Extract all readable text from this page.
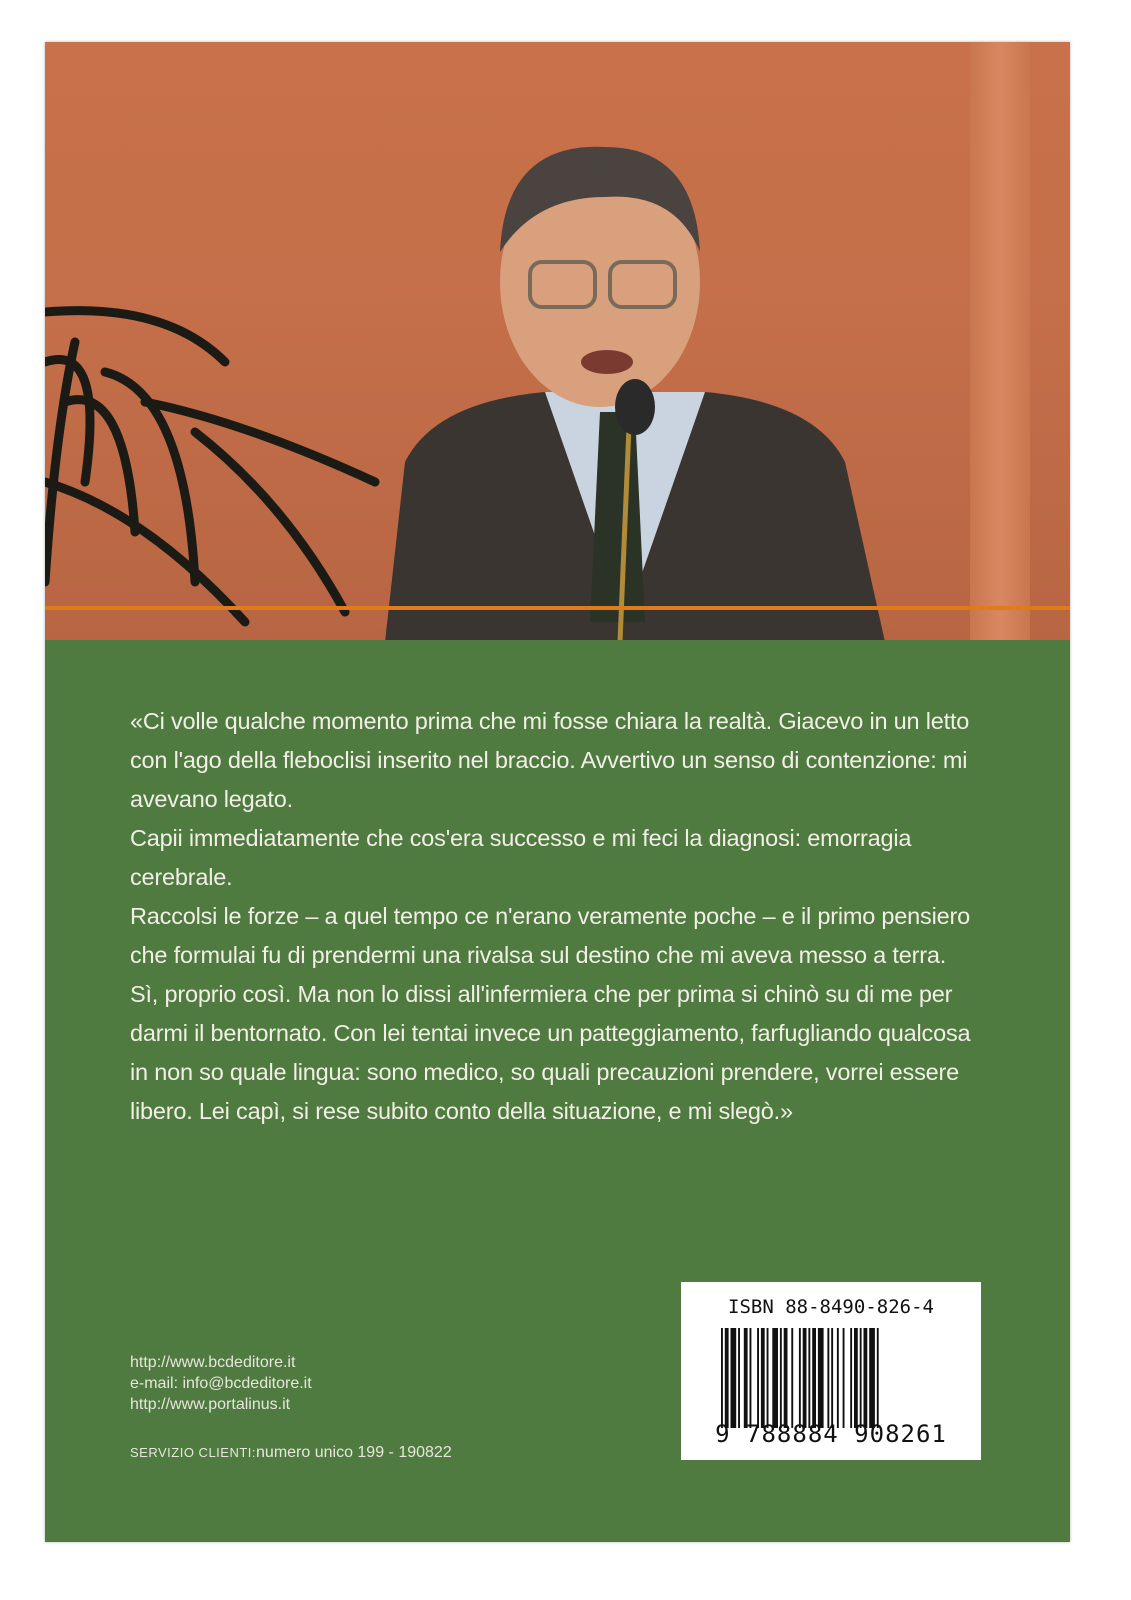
«Ci volle qualche momento prima che mi fosse chiara la realtà. Giacevo in un letto con l'ago della fleboclisi inserito nel braccio. Avvertivo un senso di contenzione: mi avevano legato.

Capii immediatamente che cos'era successo e mi feci la diagnosi: emorragia cerebrale.

Raccolsi le forze – a quel tempo ce n'erano veramente poche – e il primo pensiero che formulai fu di prendermi una rivalsa sul destino che mi aveva messo a terra.

Sì, proprio così. Ma non lo dissi all'infermiera che per prima si chinò su di me per darmi il bentornato. Con lei tentai invece un patteggiamento, farfugliando qualcosa in non so quale lingua: sono medico, so quali precauzioni prendere, vorrei essere libero. Lei capì, si rese subito conto della situazione, e mi slegò.»

http://www.bcdeditore.it
e-mail: info@bcdeditore.it
http://www.portalinus.it
SERVIZIO CLIENTI:numero unico 199 - 190822
ISBN 88-8490-826-4
9 788884 908261
